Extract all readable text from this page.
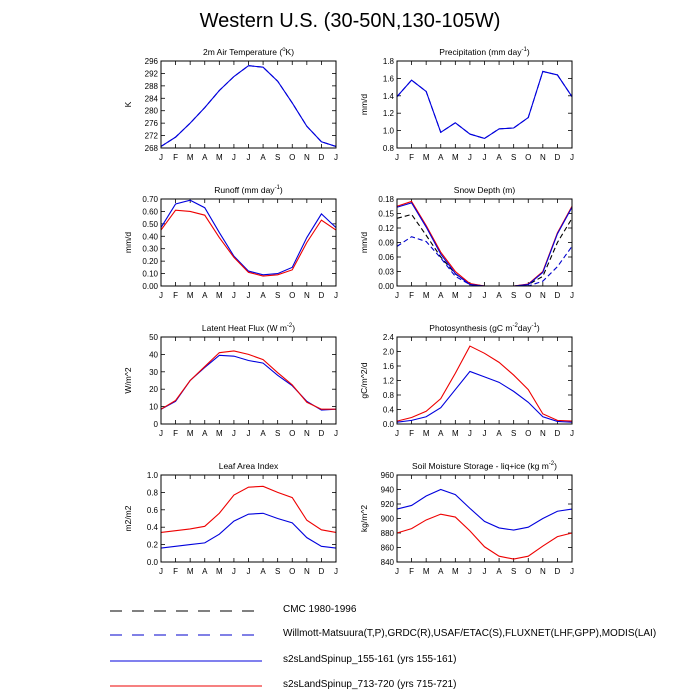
Western U.S. (30-50N,130-105W)
2m Air Temperature (oK)
268
272
276
280
284
288
292
296
J F M A M J J A S O N D J
K
Precipitation (mm day-1)
0.8
1.0
1.2
1.4
1.6
1.8
J F M A M J J A S O N D J
mm/d
Runoff (mm day-1)
0.00
0.10
0.20
0.30
0.40
0.50
0.60
0.70
J F M A M J J A S O N D J
mm/d
Snow Depth (m)
0.00
0.03
0.06
0.09
0.12
0.15
0.18
J F M A M J J A S O N D J
mm/d
Latent Heat Flux (W m-2)
0
10
20
30
40
50
J F M A M J J A S O N D J
W/m^2
Photosynthesis (gC m-2day-1)
0.0
0.4
0.8
1.2
1.6
2.0
2.4
J F M A M J J A S O N D J
gC/m^2/d
Leaf Area Index
0.0
0.2
0.4
0.6
0.8
1.0
J F M A M J J A S O N D J
m2/m2
Soil Moisture Storage - liq+ice (kg m-2)
840
860
880
900
920
940
960
J F M A M J J A S O N D J
kg/m^2
CMC 1980-1996
Willmott-Matsuura(T,P),GRDC(R),USAF/ETAC(S),FLUXNET(LHF,GPP),MODIS(LAI)
s2sLandSpinup_155-161 (yrs 155-161)
s2sLandSpinup_713-720 (yrs 715-721)
